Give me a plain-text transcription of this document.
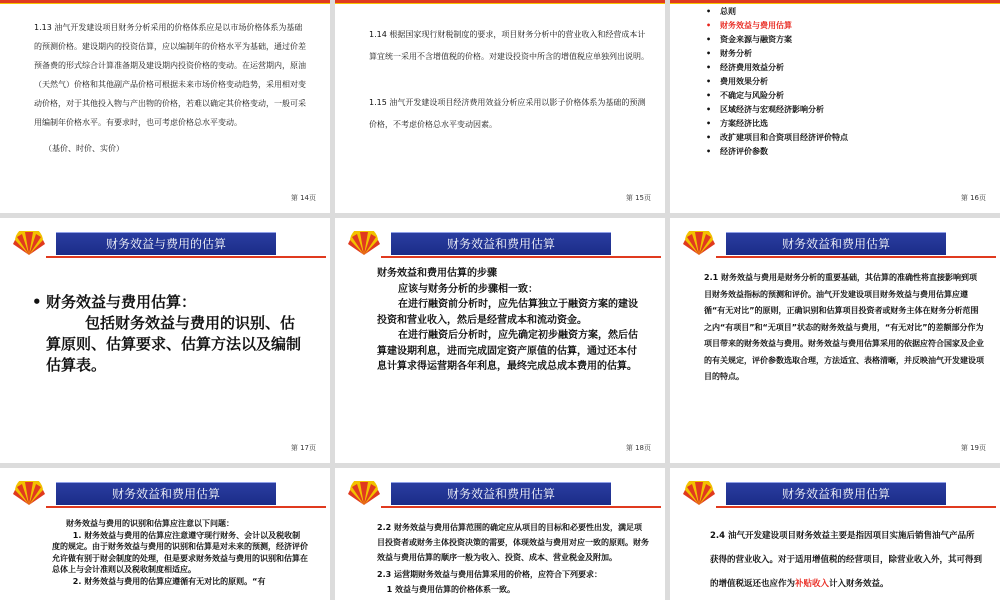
1.13 油气开发建设项目财务分析采用的价格体系应是以市场价格体系为基础的预测价格。建设期内的投资估算，应以编制年的价格水平为基础，通过价差预备费的形式综合计算准备期及建设期内投资价格的变动。在运营期内，原油（天然气）价格和其他副产品价格可根据未来市场价格变动趋势，采用相对变动价格，对于其他投入物与产出物的价格，若难以确定其价格变动，一般可采用编制年价格水平。有要求时，也可考虑价格总水平变动。

（基价、时价、实价）

第 14页

1.14 根据国家现行财税制度的要求，项目财务分析中的营业收入和经营成本计算宜统一采用不含增值税的价格。对建设投资中所含的增值税应单独列出说明。

1.15 油气开发建设项目经济费用效益分析应采用以影子价格体系为基础的预测价格，不考虑价格总水平变动因素。

第 15页
• 总则
• 财务效益与费用估算
• 资金来源与融资方案
• 财务分析
• 经济费用效益分析
• 费用效果分析
• 不确定与风险分析
• 区域经济与宏观经济影响分析
• 方案经济比选
• 改扩建项目和合资项目经济评价特点
• 经济评价参数
第 16页
财务效益与费用的估算
• 财务效益与费用估算：

包括财务效益与费用的识别、估算原则、估算要求、估算方法以及编制估算表。

第 17页
财务效益和费用估算

财务效益和费用估算的步骤

应该与财务分析的步骤相一致：

在进行融资前分析时，应先估算独立于融资方案的建设投资和营业收入，然后是经营成本和流动资金。

在进行融资后分析时，应先确定初步融资方案，然后估算建设期利息，进而完成固定资产原值的估算，通过还本付息计算求得运营期各年利息，最终完成总成本费用的估算。

第 18页
财务效益和费用估算

2.1 财务效益与费用是财务分析的重要基础，其估算的准确性将直接影响到项目财务效益指标的预测和评价。油气开发建设项目财务效益与费用估算应遵循“有无对比”的原则，正确识别和估算项目投资者或财务主体在财务分析范围之内“有项目”和“无项目”状态的财务效益与费用，“有无对比”的差额部分作为项目带来的财务效益与费用。财务效益与费用估算采用的依据应符合国家及企业的有关规定，评价参数选取合理，方法适宜、表格清晰，并反映油气开发建设项目的特点。

第 19页
财务效益和费用估算

财务效益与费用的识别和估算应注意以下问题：

1. 财务效益与费用的估算应注意遵守现行财务、会计以及税收制度的规定。由于财务效益与费用的识别和估算是对未来的预测，经济评价允许做有别于财会制度的处理，但是要求财务效益与费用的识别和估算在总体上与会计准则以及税收制度相适应。

2. 财务效益与费用的估算应遵循有无对比的原则。“有

财务效益和费用估算

2.2 财务效益与费用估算范围的确定应从项目的目标和必要性出发，满足项目投资者或财务主体投资决策的需要，体现效益与费用对应一致的原则。财务效益与费用估算的顺序一般为收入、投资、成本、营业税金及附加。

2.3 运营期财务效益与费用估算采用的价格，应符合下列要求：

1 效益与费用估算的价格体系一致。

财务效益和费用估算

2.4 油气开发建设项目财务效益主要是指因项目实施后销售油气产品所获得的营业收入。对于适用增值税的经营项目，除营业收入外，其可得到的增值税返还也应作为补贴收入计入财务效益。
